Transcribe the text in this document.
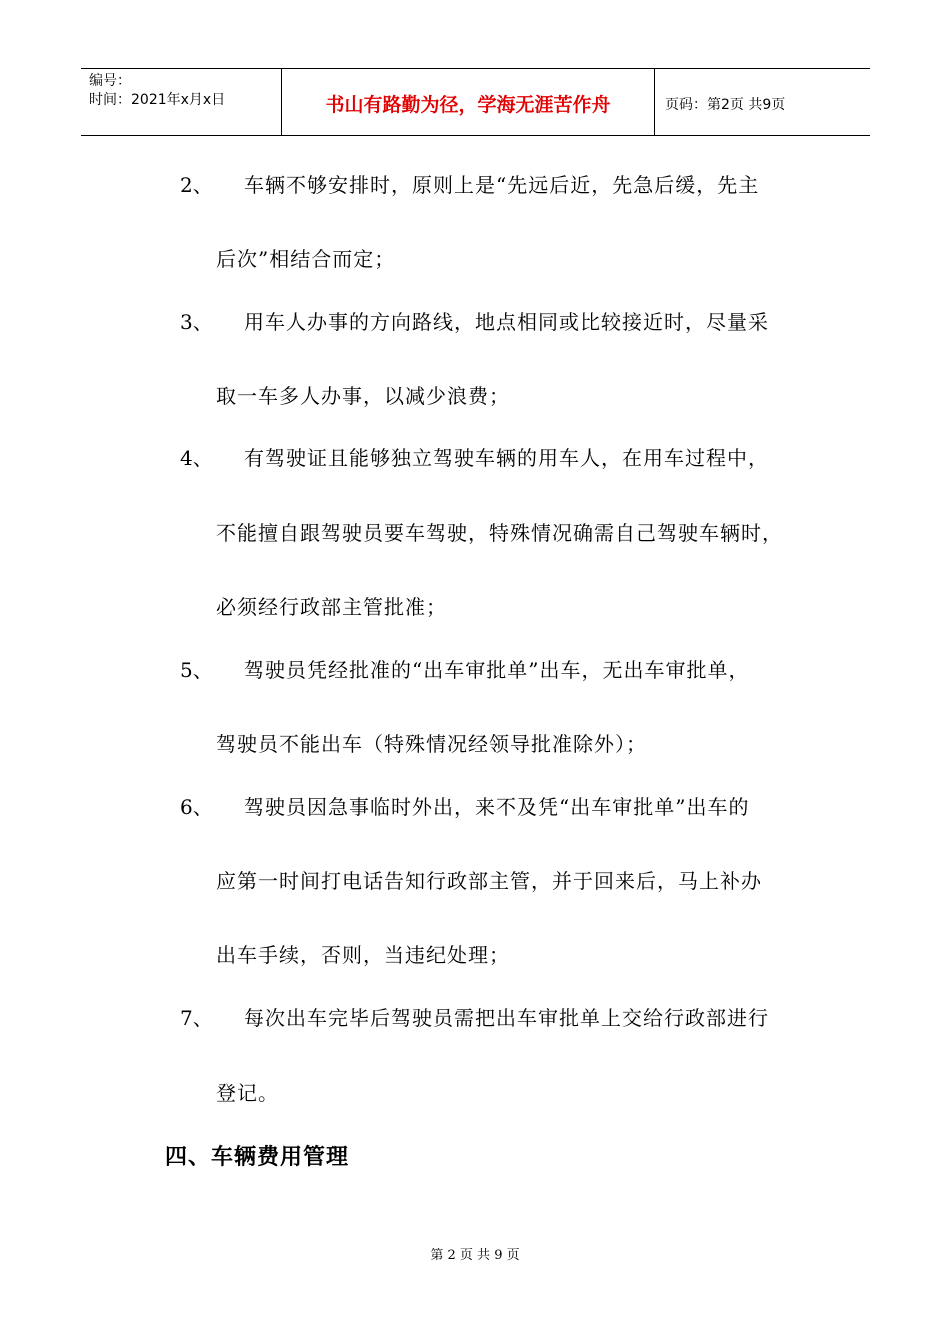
编号：
时间：2021年x月x日	书山有路勤为径，学海无涯苦作舟	页码：第2页 共9页
2、 车辆不够安排时，原则上是“先远后近，先急后缓，先主
后次”相结合而定；
3、 用车人办事的方向路线，地点相同或比较接近时，尽量采
取一车多人办事，以减少浪费；
4、 有驾驶证且能够独立驾驶车辆的用车人，在用车过程中，
不能擅自跟驾驶员要车驾驶，特殊情况确需自己驾驶车辆时，
必须经行政部主管批准；
5、 驾驶员凭经批准的“出车审批单”出车，无出车审批单，
驾驶员不能出车（特殊情况经领导批准除外）；
6、 驾驶员因急事临时外出，来不及凭“出车审批单”出车的
应第一时间打电话告知行政部主管，并于回来后，马上补办
出车手续，否则，当违纪处理；
7、 每次出车完毕后驾驶员需把出车审批单上交给行政部进行
登记。
四、车辆费用管理
第 2 页 共 9 页
